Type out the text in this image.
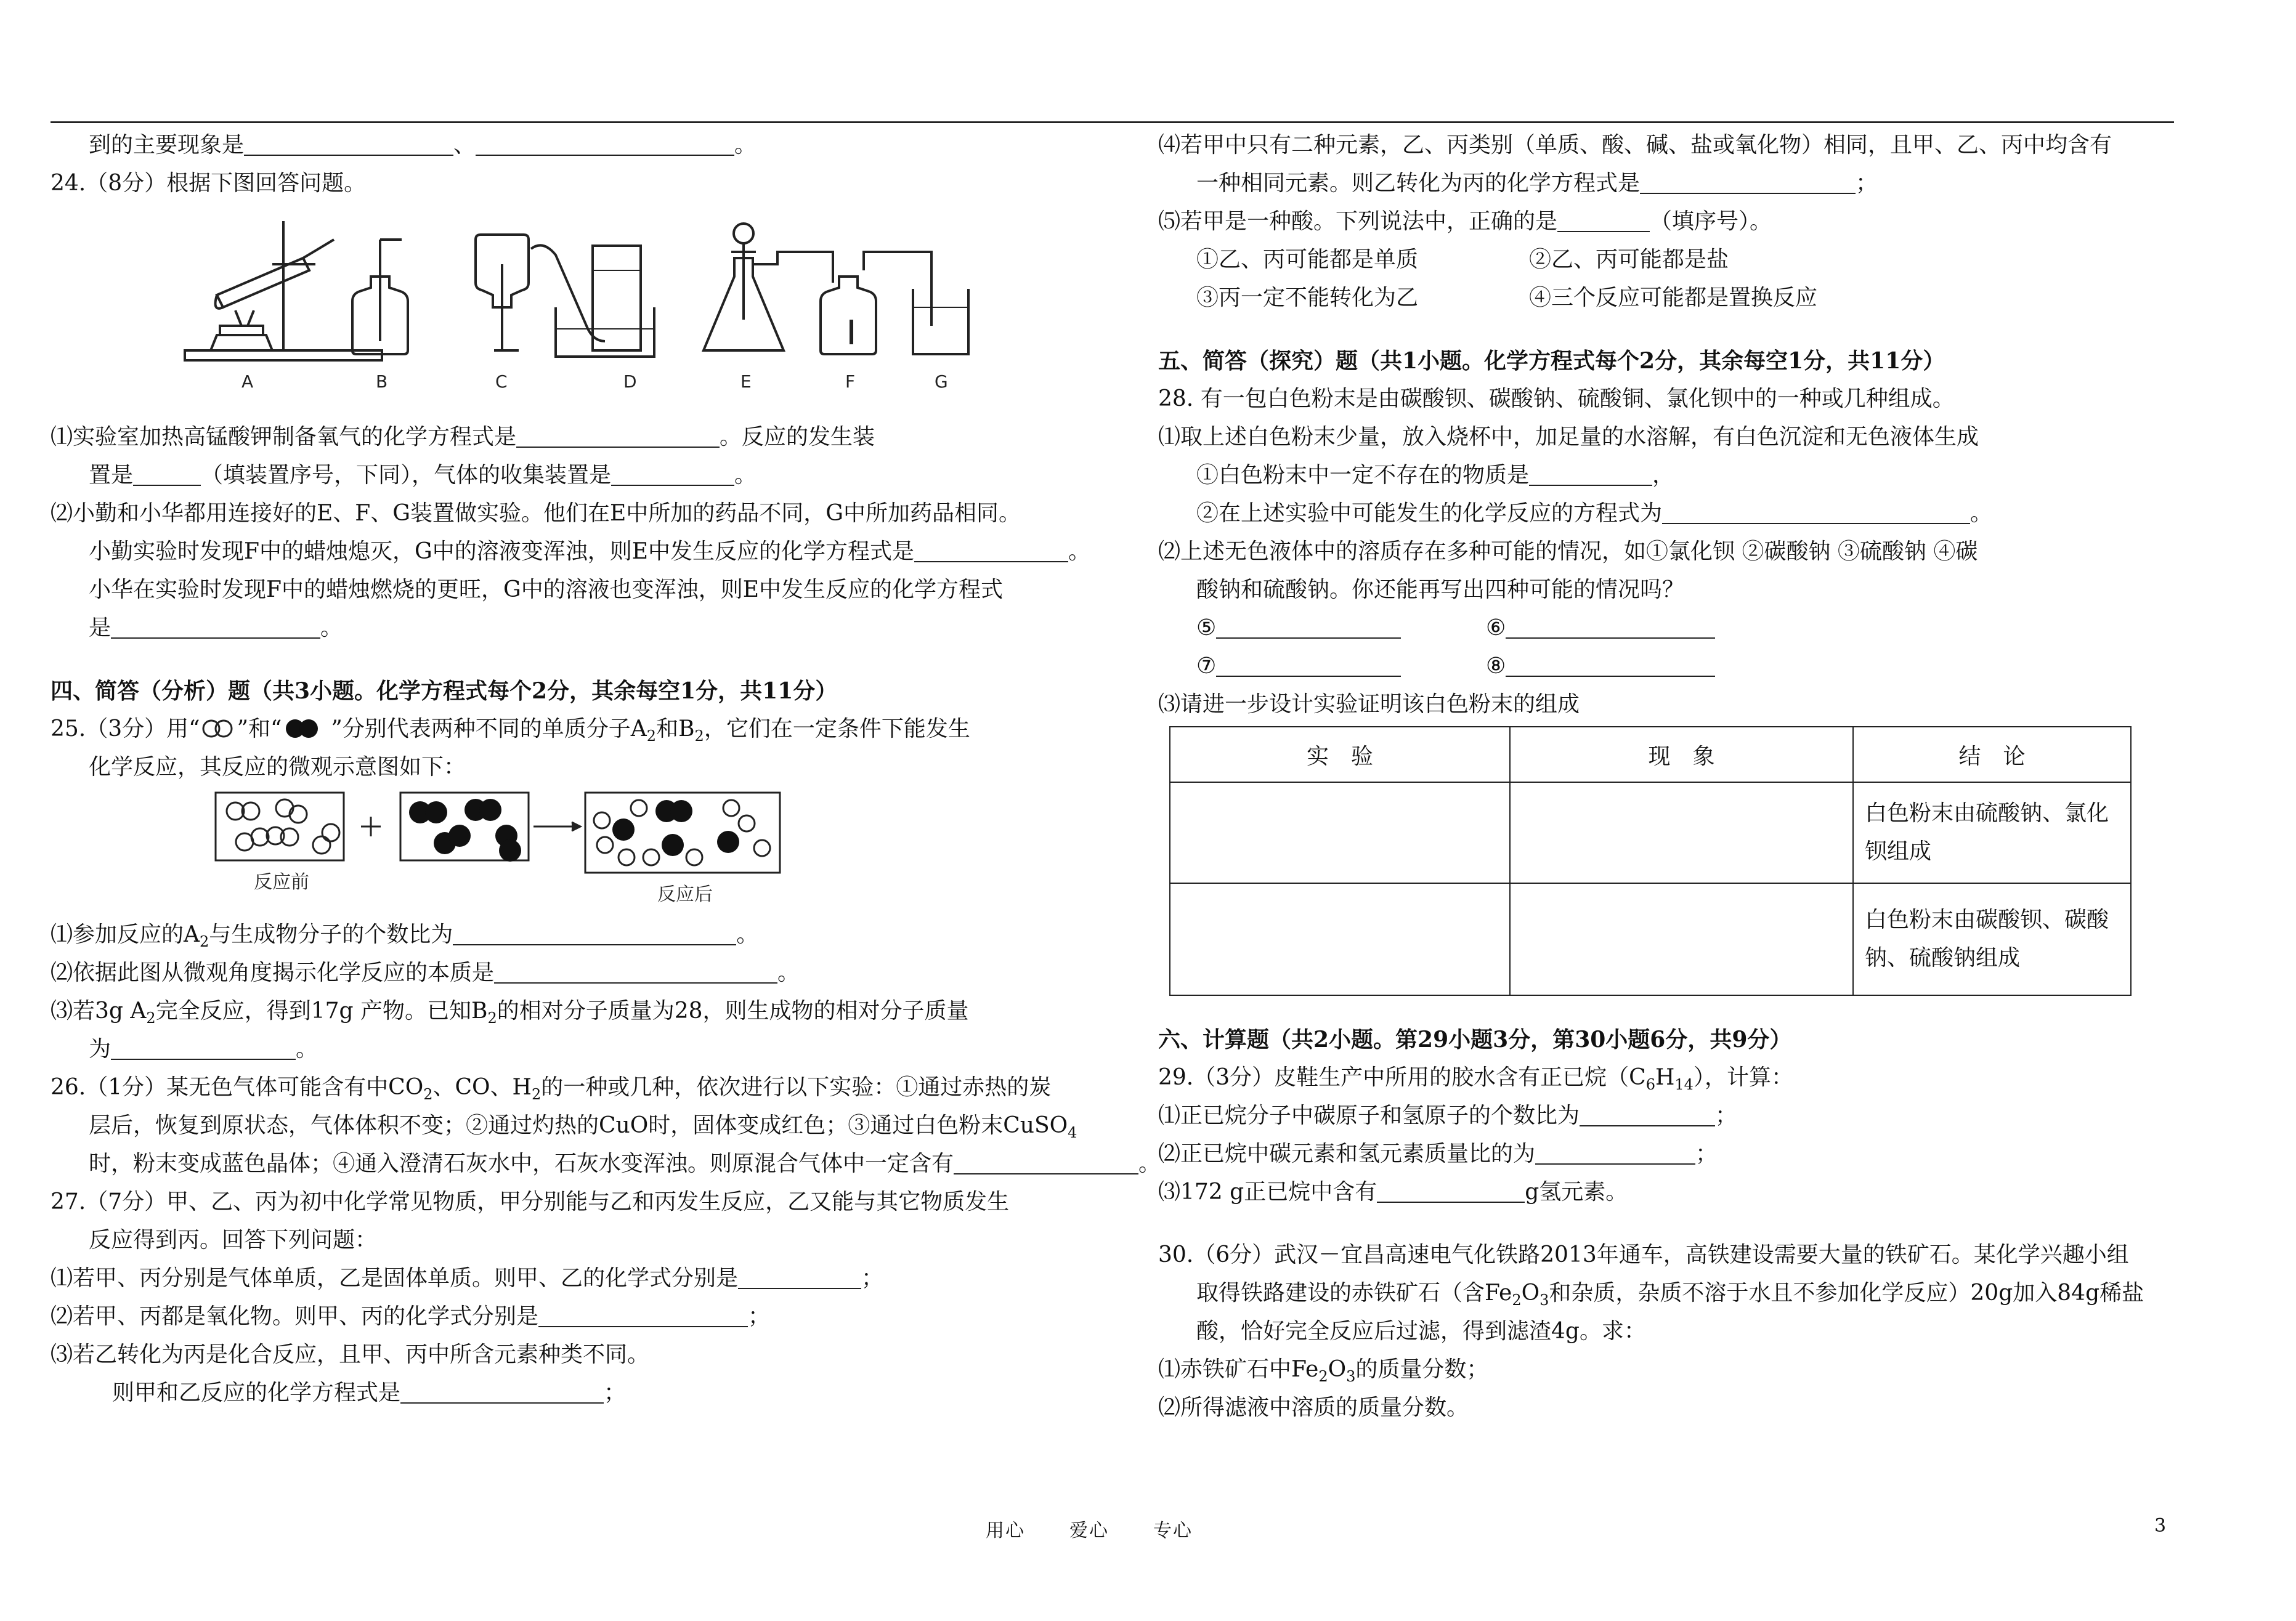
到的主要现象是	、	。
24.（8分）根据下图回答问题。
A	B	C	D	E	F	G
⑴实验室加热高锰酸钾制备氧气的化学方程式是	。反应的发生装
置是	（填装置序号，下同），气体的收集装置是	。
⑵小勤和小华都用连接好的E、F、G装置做实验。他们在E中所加的药品不同，G中所加药品相同。
小勤实验时发现F中的蜡烛熄灭，G中的溶液变浑浊，则E中发生反应的化学方程式是	。
小华在实验时发现F中的蜡烛燃烧的更旺，G中的溶液也变浑浊，则E中发生反应的化学方程式
是	。
四、简答（分析）题（共3小题。化学方程式每个2分，其余每空1分，共11分）
25.（3分）用“ ”和“ ”分别代表两种不同的单质分子$A_2$和$B_2$，它们在一定条件下能发生
化学反应，其反应的微观示意图如下：
反应前
反应后
⑴参加反应的$A_2$与生成物分子的个数比为	。
⑵依据此图从微观角度揭示化学反应的本质是	。
⑶若3g $A_2$完全反应，得到17g 产物。已知$B_2$的相对分子质量为28，则生成物的相对分子质量
为	。
26.（1分）某无色气体可能含有中$CO_2$、CO、$H_2$的一种或几种，依次进行以下实验：①通过赤热的炭
层后，恢复到原状态，气体体积不变；②通过灼热的CuO时，固体变成红色；③通过白色粉末CuSO$_4$
时，粉末变成蓝色晶体；④通入澄清石灰水中，石灰水变浑浊。则原混合气体中一定含有	。
27.（7分）甲、乙、丙为初中化学常见物质，甲分别能与乙和丙发生反应，乙又能与其它物质发生
反应得到丙。回答下列问题：
⑴若甲、丙分别是气体单质，乙是固体单质。则甲、乙的化学式分别是	；
⑵若甲、丙都是氧化物。则甲、丙的化学式分别是	；
⑶若乙转化为丙是化合反应，且甲、丙中所含元素种类不同。
则甲和乙反应的化学方程式是	；
⑷若甲中只有二种元素，乙、丙类别（单质、酸、碱、盐或氧化物）相同，且甲、乙、丙中均含有
一种相同元素。则乙转化为丙的化学方程式是	；
⑸若甲是一种酸。下列说法中，正确的是	（填序号）。
①乙、丙可能都是单质	②乙、丙可能都是盐
③丙一定不能转化为乙	④三个反应可能都是置换反应
五、简答（探究）题（共1小题。化学方程式每个2分，其余每空1分，共11分）
28. 有一包白色粉末是由碳酸钡、碳酸钠、硫酸铜、氯化钡中的一种或几种组成。
⑴取上述白色粉末少量，放入烧杯中，加足量的水溶解，有白色沉淀和无色液体生成
①白色粉末中一定不存在的物质是	，
②在上述实验中可能发生的化学反应的方程式为	。
⑵上述无色液体中的溶质存在多种可能的情况，如①氯化钡 ②碳酸钠 ③硫酸钠 ④碳
酸钠和硫酸钠。你还能再写出四种可能的情况吗？
⑤	⑥
⑦	⑧
⑶请进一步设计实验证明该白色粉末的组成
实　验	现　象	结　论
		白色粉末由硫酸钠、氯化钡组成
		白色粉末由碳酸钡、碳酸钠、硫酸钠组成
六、计算题（共2小题。第29小题3分，第30小题6分，共9分）
29.（3分）皮鞋生产中所用的胶水含有正已烷$(C_6H_{14})$，计算：
⑴正已烷分子中碳原子和氢原子的个数比为	；
⑵正已烷中碳元素和氢元素质量比的为	；
⑶172 g正已烷中含有	g氢元素。
30.（6分）武汉－宜昌高速电气化铁路2013年通车，高铁建设需要大量的铁矿石。某化学兴趣小组
取得铁路建设的赤铁矿石（含$Fe_2O_3$和杂质，杂质不溶于水且不参加化学反应）20g加入84g稀盐
酸，恰好完全反应后过滤，得到滤渣4g。求：
⑴赤铁矿石中$Fe_2O_3$的质量分数；
⑵所得滤液中溶质的质量分数。
用心 爱心 专心	3
